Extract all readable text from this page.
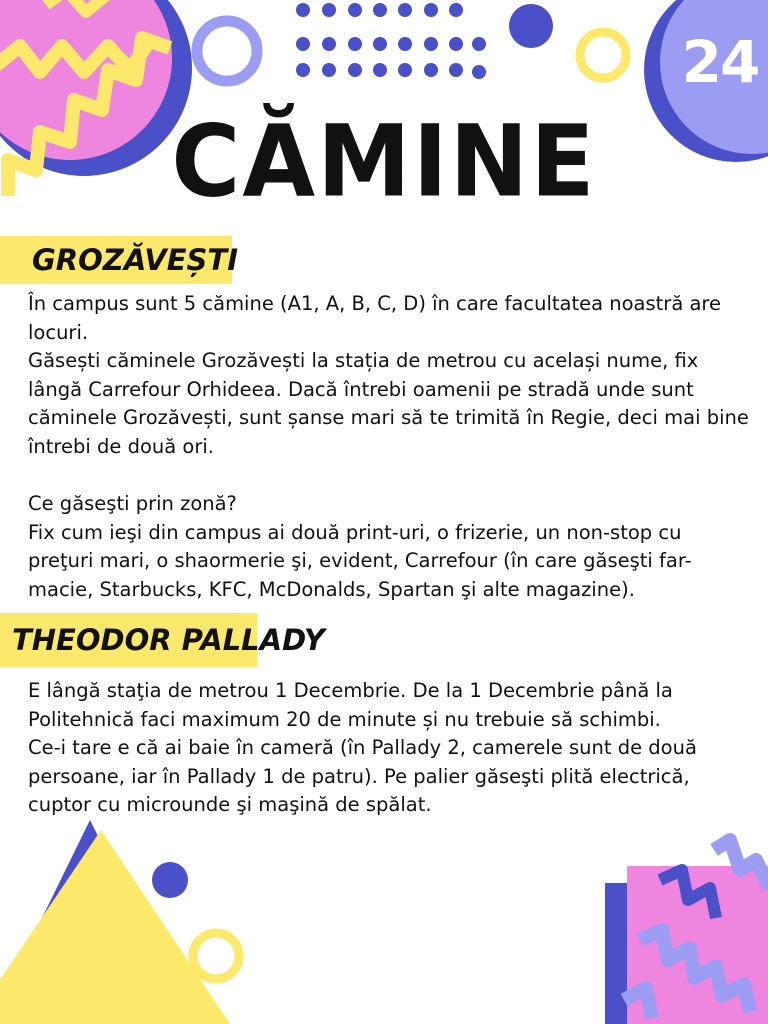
24
CĂMINE
GROZĂVEȘTI

În campus sunt 5 cămine (A1, A, B, C, D) în care facultatea noastră are locuri.

Găsești căminele Grozăvești la stația de metrou cu același nume, fix lângă Carrefour Orhideea. Dacă întrebi oamenii pe stradă unde sunt căminele Grozăvești, sunt șanse mari să te trimită în Regie, deci mai bine întrebi de două ori.

Ce găseşti prin zonă?

Fix cum ieşi din campus ai două print-uri, o frizerie, un non-stop cu preţuri mari, o shaormerie şi, evident, Carrefour (în care găseşti far-macie, Starbucks, KFC, McDonalds, Spartan şi alte magazine).

THEODOR PALLADY

E lângă staţia de metrou 1 Decembrie. De la 1 Decembrie până la Politehnică faci maximum 20 de minute și nu trebuie să schimbi.

Ce-i tare e că ai baie în cameră (în Pallady 2, camerele sunt de două persoane, iar în Pallady 1 de patru). Pe palier găseşti plită electrică, cuptor cu microunde şi maşină de spălat.
